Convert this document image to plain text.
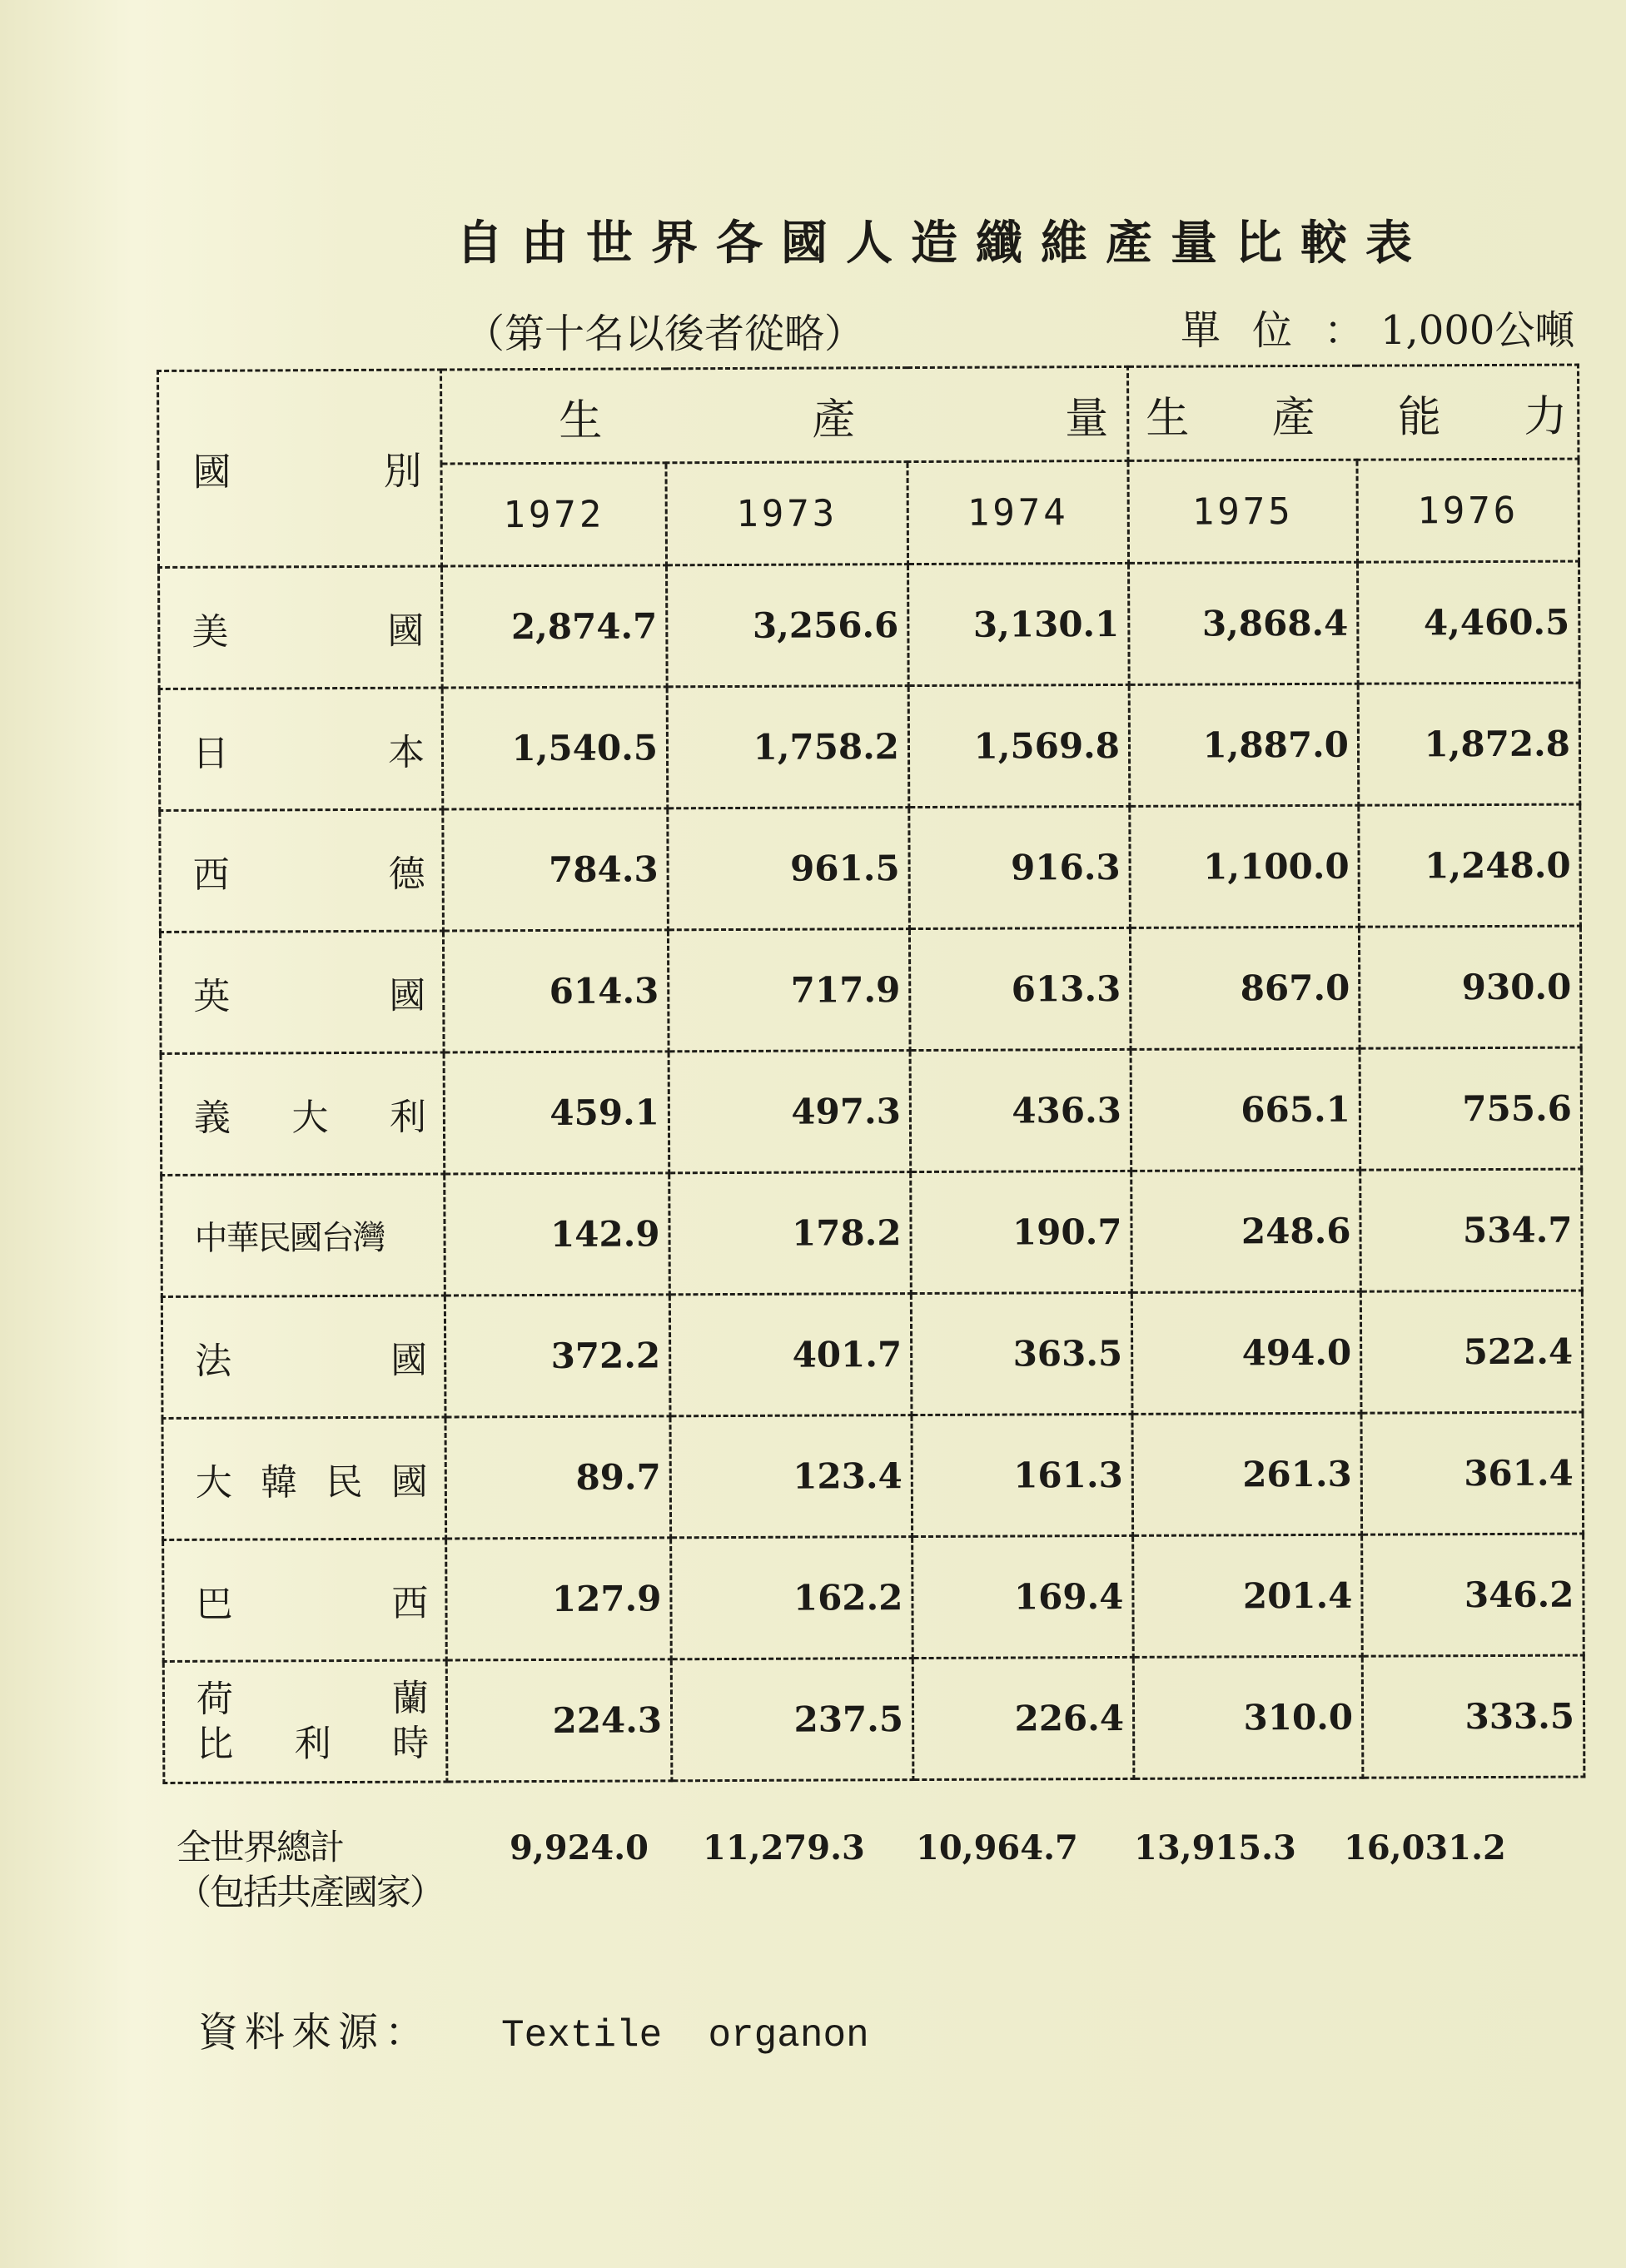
自由世界各國人造纖維產量比較表
（第十名以後者從略）	單位：1,000公噸
國 別	生 產 量			生 產 能 力	

	1972	1973	1974	1975	1976

美 國	2,874.7	3,256.6	3,130.1	3,868.4	4,460.5

日 本	1,540.5	1,758.2	1,569.8	1,887.0	1,872.8

西 德	784.3	961.5	916.3	1,100.0	1,248.0

英 國	614.3	717.9	613.3	867.0	930.0

義 大 利	459.1	497.3	436.3	665.1	755.6

中華民國台灣	142.9	178.2	190.7	248.6	534.7

法 國	372.2	401.7	363.5	494.0	522.4

大 韓 民 國	89.7	123.4	161.3	261.3	361.4

巴 西	127.9	162.2	169.4	201.4	346.2

荷 蘭
比 利 時	224.3	237.5	226.4	310.0	333.5
全世界總計
（包括共產國家）
9,924.0 11,279.3 10,964.7 13,915.3 16,031.2
資料來源： Textile  organon
